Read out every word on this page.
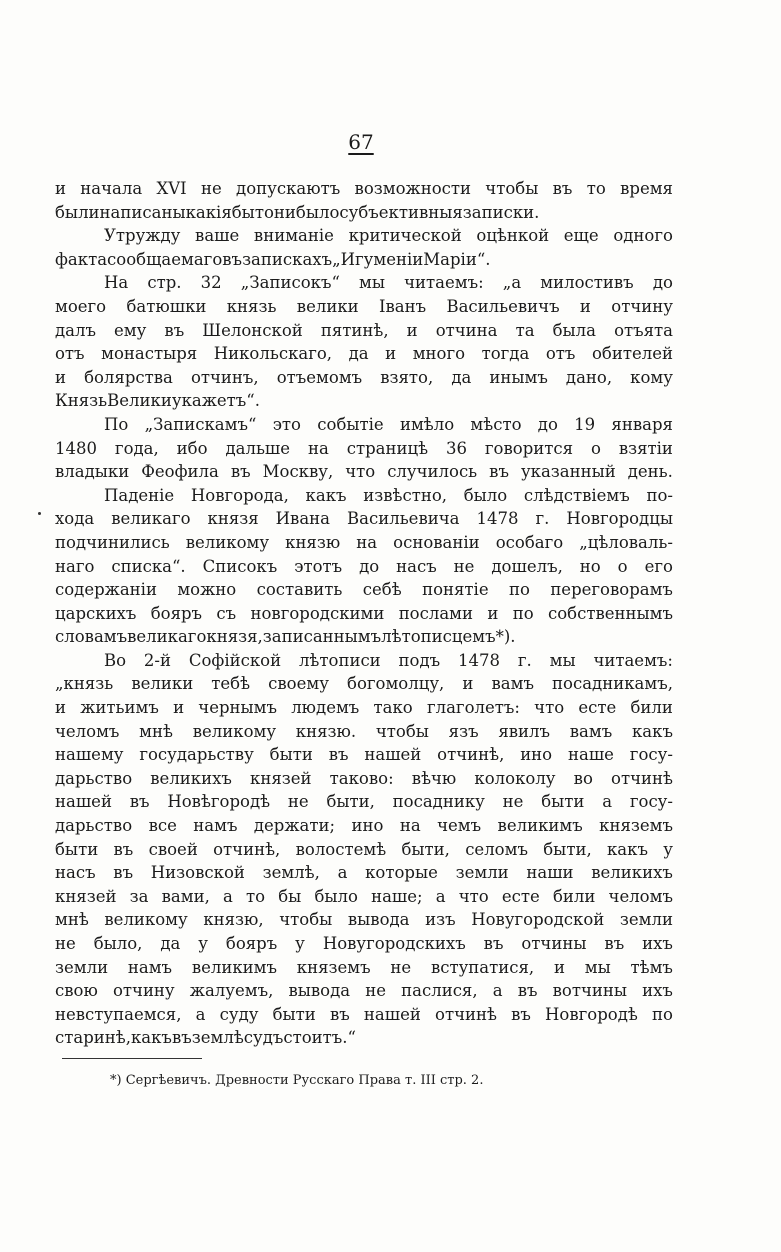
67
и начала XVI не допускаютъ возможности чтобы въ то время
были написаны какія бы то ни было субъективныя записки.
Утружду ваше вниманіе критической оцѣнкой еще одного
факта сообщаемаго въ запискахъ „Игуменіи Маріи“.
На стр. 32 „Записокъ“ мы читаемъ: „а милостивъ до
моего батюшки князь велики Іванъ Васильевичъ и отчину
далъ ему въ Шелонской пятинѣ, и отчина та была отъята
отъ монастыря Никольскаго, да и много тогда отъ обителей
и болярства отчинъ, отъемомъ взято, да инымъ дано, кому
Князь Велики укажетъ“.
По „Запискамъ“ это событіе имѣло мѣсто до 19 января
1480 года, ибо дальше на страницѣ 36 говорится о взятіи
владыки Феофила въ Москву, что случилось въ указанный день.
Паденіе Новгорода, какъ извѣстно, было слѣдствіемъ по-
хода великаго князя Ивана Васильевича 1478 г. Новгородцы
подчинились великому князю на основаніи особаго „цѣловаль-
наго списка“. Списокъ этотъ до насъ не дошелъ, но о его
содержаніи можно составить себѣ понятіе по переговорамъ
царскихъ бояръ съ новгородскими послами и по собственнымъ
словамъ великаго князя, записаннымъ лѣтописцемъ*).
Во 2-й Софійской лѣтописи подъ 1478 г. мы читаемъ:
„князь велики тебѣ своему богомолцу, и вамъ посадникамъ,
и житьимъ и чернымъ людемъ тако глаголетъ: что есте били
челомъ мнѣ великому князю. чтобы язъ явилъ вамъ какъ
нашему государьству быти въ нашей отчинѣ, ино наше госу-
дарьство великихъ князей таково: вѣчю колоколу во отчинѣ
нашей въ Новѣгородѣ не быти, посаднику не быти а госу-
дарьство все намъ держати; ино на чемъ великимъ княземъ
быти въ своей отчинѣ, волостемѣ быти, селомъ быти, какъ у
насъ въ Низовской землѣ, а которые земли наши великихъ
князей за вами, а то бы было наше; а что есте били челомъ
мнѣ великому князю, чтобы вывода изъ Новугородской земли
не было, да у бояръ у Новугородскихъ въ отчины въ ихъ
земли намъ великимъ княземъ не вступатися, и мы тѣмъ
свою отчину жалуемъ, вывода не паслися, а въ вотчины ихъ
невступаемся, а суду быти въ нашей отчинѣ въ Новгородѣ по
старинѣ, какъ въ землѣ судъ стоитъ.“
*) Сергѣевичъ. Древности Русскаго Права т. III стр. 2.
